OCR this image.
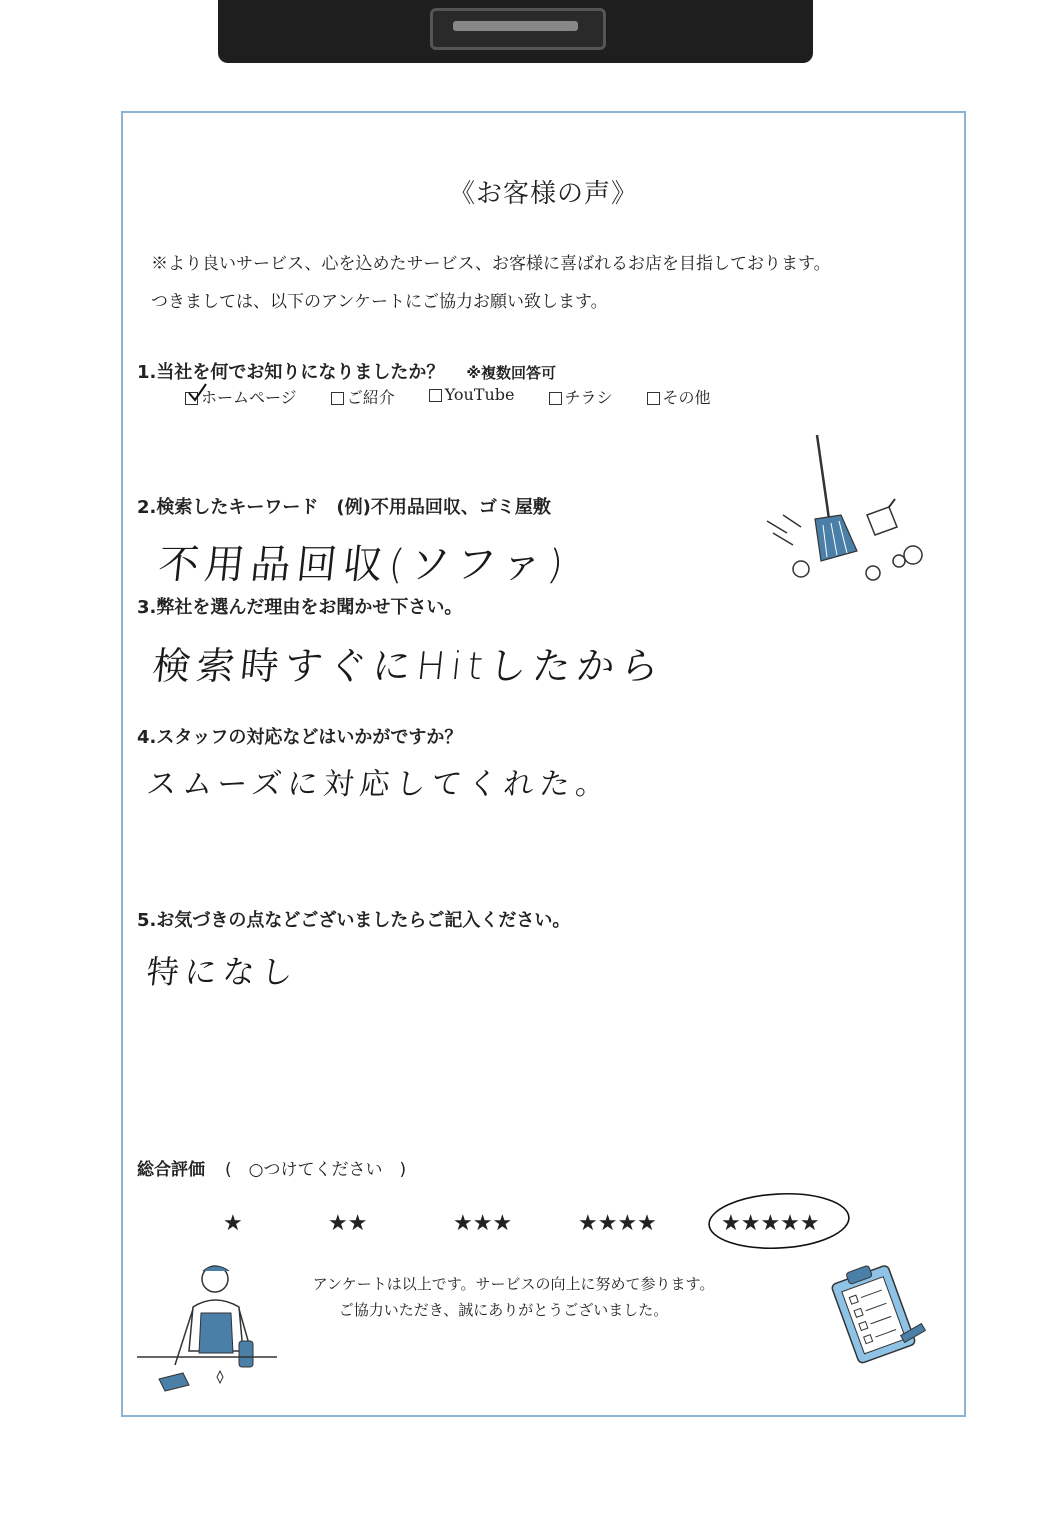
《お客様の声》
※より良いサービス、心を込めたサービス、お客様に喜ばれるお店を目指しております。
つきましては、以下のアンケートにご協力お願い致します。
1.当社を何でお知りになりましたか？ ※複数回答可
ホームページ	ご紹介	YouTube	チラシ	その他
2.検索したキーワード　(例)不用品回収、ゴミ屋敷
不用品回収(ソファ)
3.弊社を選んだ理由をお聞かせ下さい。
検索時すぐにHitしたから
4.スタッフの対応などはいかがですか？
スムーズに対応してくれた。
5.お気づきの点などございましたらご記入ください。
特になし
総合評価 (　○つけてください　)
★	★★	★★★	★★★★	★★★★★
アンケートは以上です。サービスの向上に努めて参ります。
ご協力いただき、誠にありがとうございました。
